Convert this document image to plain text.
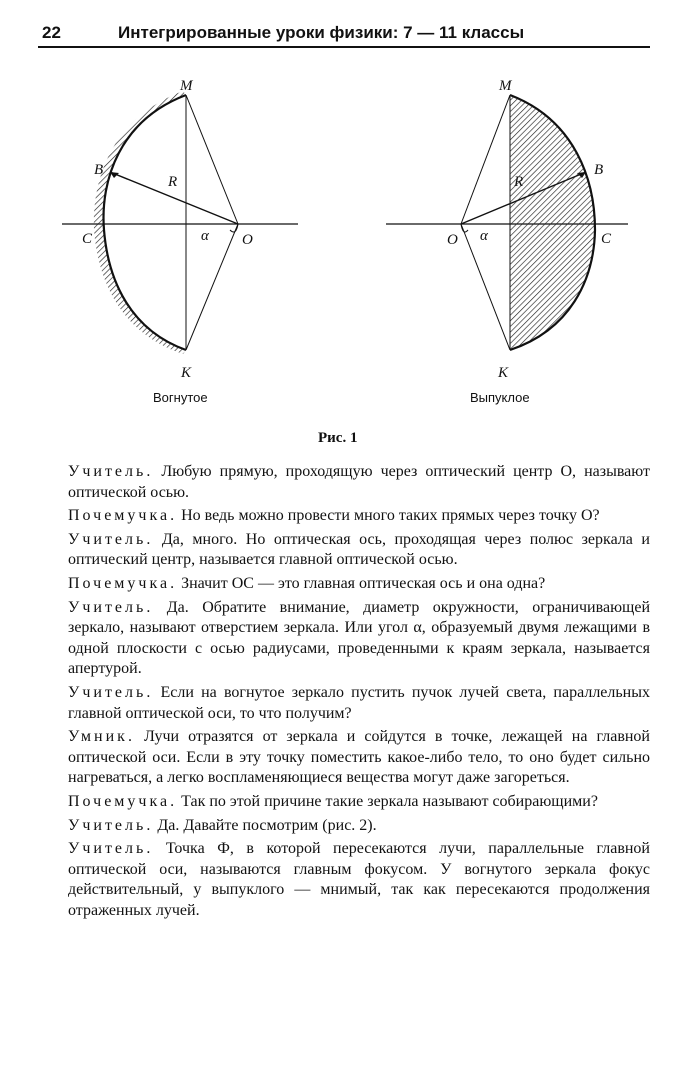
22	Интегрированные уроки физики: 7 — 11 классы
M
B
R
C	α O
K
Вогнутое
M
B
R
C
α
O
K
Выпуклое
Рис. 1

Учитель. Любую прямую, проходящую через оптический центр O, называют оптической осью.

Почемучка. Но ведь можно провести много таких прямых через точку O?

Учитель. Да, много. Но оптическая ось, проходящая через полюс зеркала и оптический центр, называется главной оптической осью.

Почемучка. Значит OC — это главная оптическая ось и она одна?

Учитель. Да. Обратите внимание, диаметр окружности, ограничивающей зеркало, называют отверстием зеркала. Или угол α, образуемый двумя лежащими в одной плоскости с осью радиусами, проведенными к краям зеркала, называется апертурой.

Учитель. Если на вогнутое зеркало пустить пучок лучей света, параллельных главной оптической оси, то что получим?

Умник. Лучи отразятся от зеркала и сойдутся в точке, лежащей на главной оптической оси. Если в эту точку поместить какое-либо тело, то оно будет сильно нагреваться, а легко воспламеняющиеся вещества могут даже загореться.

Почемучка. Так по этой причине такие зеркала называют собирающими?

Учитель. Да. Давайте посмотрим (рис. 2).

Учитель. Точка Ф, в которой пересекаются лучи, параллельные главной оптической оси, называются главным фокусом. У вогнутого зеркала фокус действительный, у выпуклого — мнимый, так как пересекаются продолжения отраженных лучей.
